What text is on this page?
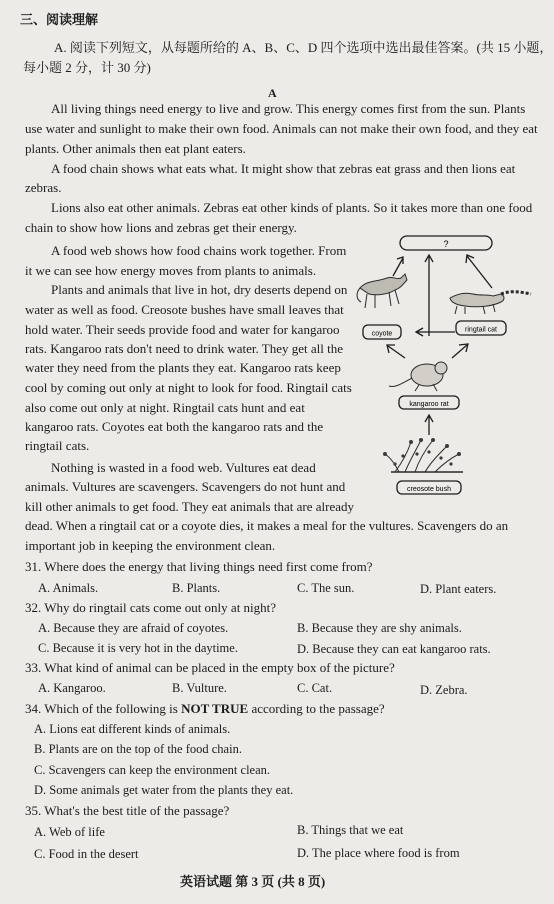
三、阅读理解
A. 阅读下列短文，从每题所给的 A、B、C、D 四个选项中选出最佳答案。(共 15 小题，
每小题 2 分，计 30 分)
A
All living things need energy to live and grow. This energy comes first from the sun. Plants
use water and sunlight to make their own food. Animals can not make their own food, and they eat
plants. Other animals then eat plant eaters.
A food chain shows what eats what. It might show that zebras eat grass and then lions eat
zebras.
Lions also eat other animals. Zebras eat other kinds of plants. So it takes more than one food
chain to show how lions and zebras get their energy.
A food web shows how food chains work together. From
it we can see how energy moves from plants to animals.
Plants and animals that live in hot, dry deserts depend on
water as well as food. Creosote bushes have small leaves that
hold water. Their seeds provide food and water for kangaroo
rats. Kangaroo rats don't need to drink water. They get all the
water they need from the plants they eat. Kangaroo rats keep
cool by coming out only at night to look for food. Ringtail cats
also come out only at night. Ringtail cats hunt and eat
kangaroo rats. Coyotes eat both the kangaroo rats and the
ringtail cats.
Nothing is wasted in a food web. Vultures eat dead
animals. Vultures are scavengers. Scavengers do not hunt and
kill other animals to get food. They eat animals that are already
dead. When a ringtail cat or a coyote dies, it makes a meal for the vultures. Scavengers do an
important job in keeping the environment clean.
?
coyote
ringtail cat
kangaroo rat
creosote bush
31. Where does the energy that living things need first come from?
A. Animals.	B. Plants.	C. The sun.	D. Plant eaters.
32. Why do ringtail cats come out only at night?
A. Because they are afraid of coyotes.	B. Because they are shy animals.
C. Because it is very hot in the daytime.	D. Because they can eat kangaroo rats.
33. What kind of animal can be placed in the empty box of the picture?
A. Kangaroo.	B. Vulture.	C. Cat.	D. Zebra.
34. Which of the following is NOT TRUE according to the passage?
A. Lions eat different kinds of animals.
B. Plants are on the top of the food chain.
C. Scavengers can keep the environment clean.
D. Some animals get water from the plants they eat.
35. What's the best title of the passage?
A. Web of life	B. Things that we eat
C. Food in the desert	D. The place where food is from
英语试题 第 3 页 (共 8 页)
